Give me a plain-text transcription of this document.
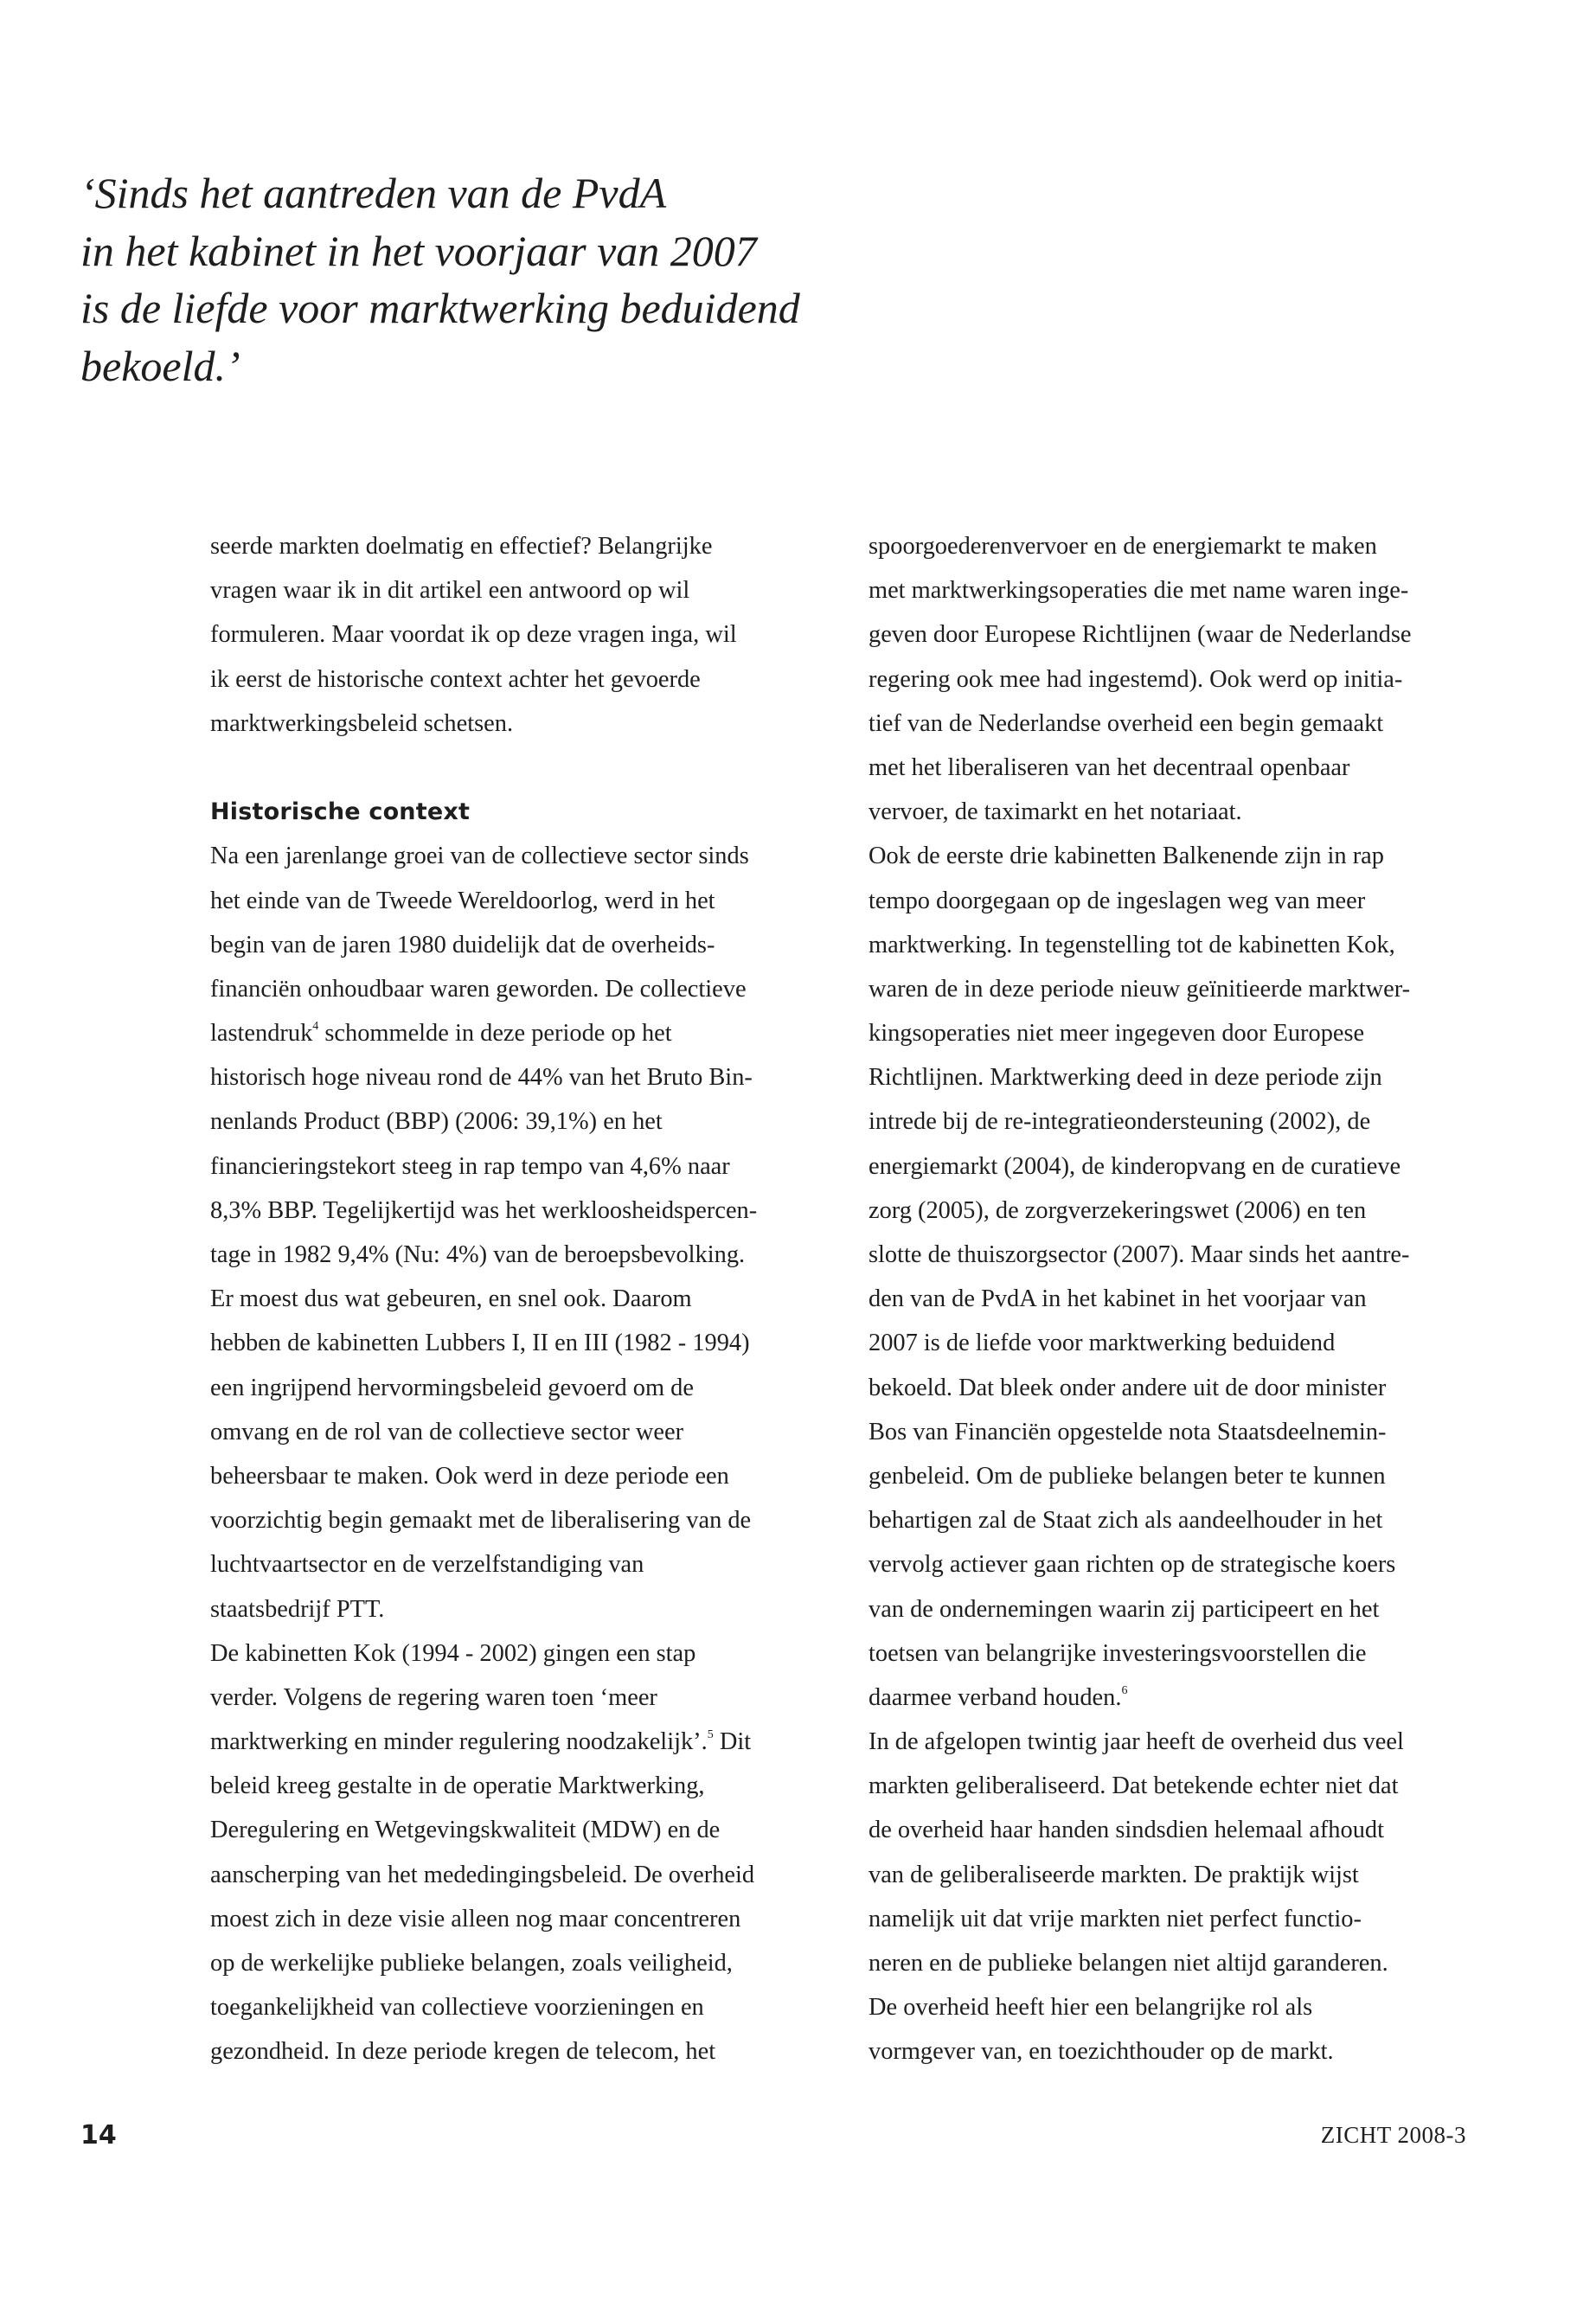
‘Sinds het aantreden van de PvdA
in het kabinet in het voorjaar van 2007
is de liefde voor marktwerking beduidend
bekoeld.’
seerde markten doelmatig en effectief? Belangrijke
vragen waar ik in dit artikel een antwoord op wil
formuleren. Maar voordat ik op deze vragen inga, wil
ik eerst de historische context achter het gevoerde
marktwerkingsbeleid schetsen.
Historische context
Na een jarenlange groei van de collectieve sector sinds
het einde van de Tweede Wereldoorlog, werd in het
begin van de jaren 1980 duidelijk dat de overheids-
financiën onhoudbaar waren geworden. De collectieve
lastendruk$^4$ schommelde in deze periode op het
historisch hoge niveau rond de 44% van het Bruto Bin-
nenlands Product (BBP) (2006: 39,1%) en het
financieringstekort steeg in rap tempo van 4,6% naar
8,3% BBP. Tegelijkertijd was het werkloosheidspercen-
tage in 1982 9,4% (Nu: 4%) van de beroepsbevolking.
Er moest dus wat gebeuren, en snel ook. Daarom
hebben de kabinetten Lubbers I, II en III (1982 - 1994)
een ingrijpend hervormingsbeleid gevoerd om de
omvang en de rol van de collectieve sector weer
beheersbaar te maken. Ook werd in deze periode een
voorzichtig begin gemaakt met de liberalisering van de
luchtvaartsector en de verzelfstandiging van
staatsbedrijf PTT.
De kabinetten Kok (1994 - 2002) gingen een stap
verder. Volgens de regering waren toen ‘meer
marktwerking en minder regulering noodzakelijk’.$^5$ Dit
beleid kreeg gestalte in de operatie Marktwerking,
Deregulering en Wetgevingskwaliteit (MDW) en de
aanscherping van het mededingingsbeleid. De overheid
moest zich in deze visie alleen nog maar concentreren
op de werkelijke publieke belangen, zoals veiligheid,
toegankelijkheid van collectieve voorzieningen en
gezondheid. In deze periode kregen de telecom, het
spoorgoederenvervoer en de energiemarkt te maken
met marktwerkingsoperaties die met name waren inge-
geven door Europese Richtlijnen (waar de Nederlandse
regering ook mee had ingestemd). Ook werd op initia-
tief van de Nederlandse overheid een begin gemaakt
met het liberaliseren van het decentraal openbaar
vervoer, de taximarkt en het notariaat.
Ook de eerste drie kabinetten Balkenende zijn in rap
tempo doorgegaan op de ingeslagen weg van meer
marktwerking. In tegenstelling tot de kabinetten Kok,
waren de in deze periode nieuw geïnitieerde marktwer-
kingsoperaties niet meer ingegeven door Europese
Richtlijnen. Marktwerking deed in deze periode zijn
intrede bij de re-integratieondersteuning (2002), de
energiemarkt (2004), de kinderopvang en de curatieve
zorg (2005), de zorgverzekeringswet (2006) en ten
slotte de thuiszorgsector (2007). Maar sinds het aantre-
den van de PvdA in het kabinet in het voorjaar van
2007 is de liefde voor marktwerking beduidend
bekoeld. Dat bleek onder andere uit de door minister
Bos van Financiën opgestelde nota Staatsdeelnemin-
genbeleid. Om de publieke belangen beter te kunnen
behartigen zal de Staat zich als aandeelhouder in het
vervolg actiever gaan richten op de strategische koers
van de ondernemingen waarin zij participeert en het
toetsen van belangrijke investeringsvoorstellen die
daarmee verband houden.$^6$
In de afgelopen twintig jaar heeft de overheid dus veel
markten geliberaliseerd. Dat betekende echter niet dat
de overheid haar handen sindsdien helemaal afhoudt
van de geliberaliseerde markten. De praktijk wijst
namelijk uit dat vrije markten niet perfect functio-
neren en de publieke belangen niet altijd garanderen.
De overheid heeft hier een belangrijke rol als
vormgever van, en toezichthouder op de markt.
14	ZICHT 2008-3
